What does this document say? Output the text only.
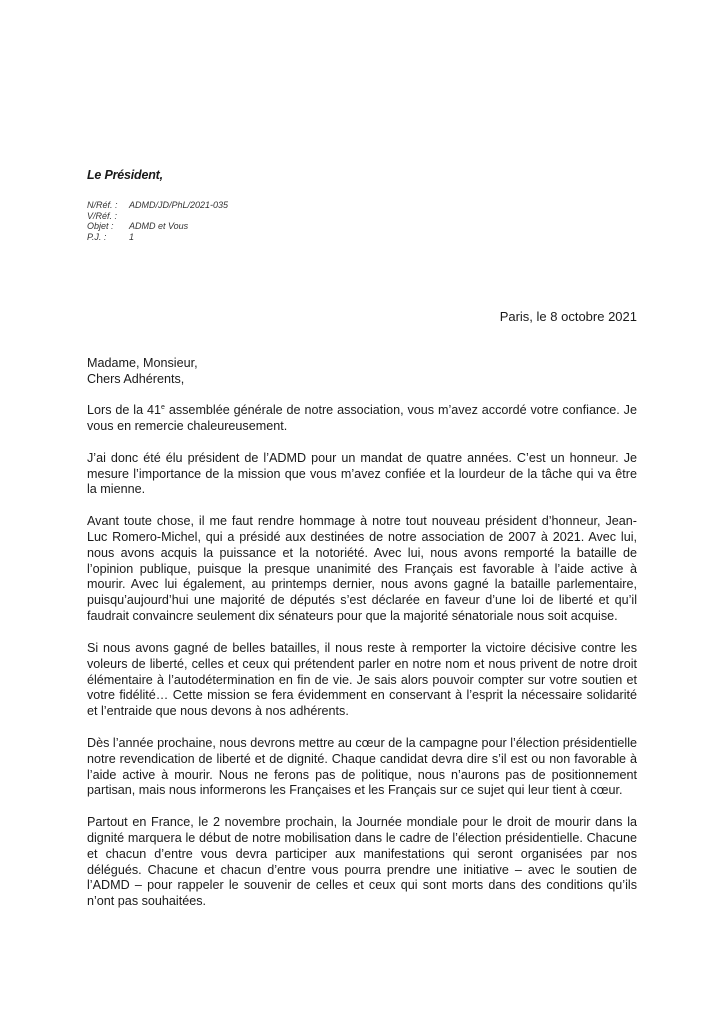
Le Président,
N/Réf. :	ADMD/JD/PhL/2021-035
V/Réf. :
Objet :	ADMD et Vous
P.J. :	1
Paris, le 8 octobre 2021

Madame, Monsieur,

Chers Adhérents,

Lors de la 41e assemblée générale de notre association, vous m’avez accordé votre confiance. Je vous en remercie chaleureusement.

J’ai donc été élu président de l’ADMD pour un mandat de quatre années. C’est un honneur. Je mesure l’importance de la mission que vous m’avez confiée et la lourdeur de la tâche qui va être la mienne.

Avant toute chose, il me faut rendre hommage à notre tout nouveau président d’honneur, Jean-Luc Romero-Michel, qui a présidé aux destinées de notre association de 2007 à 2021. Avec lui, nous avons acquis la puissance et la notoriété. Avec lui, nous avons remporté la bataille de l’opinion publique, puisque la presque unanimité des Français est favorable à l’aide active à mourir. Avec lui également, au printemps dernier, nous avons gagné la bataille parlementaire, puisqu’aujourd’hui une majorité de députés s’est déclarée en faveur d’une loi de liberté et qu’il faudrait convaincre seulement dix sénateurs pour que la majorité sénatoriale nous soit acquise.

Si nous avons gagné de belles batailles, il nous reste à remporter la victoire décisive contre les voleurs de liberté, celles et ceux qui prétendent parler en notre nom et nous privent de notre droit élémentaire à l’autodétermination en fin de vie. Je sais alors pouvoir compter sur votre soutien et votre fidélité… Cette mission se fera évidemment en conservant à l’esprit la nécessaire solidarité et l’entraide que nous devons à nos adhérents.

Dès l’année prochaine, nous devrons mettre au cœur de la campagne pour l’élection présidentielle notre revendication de liberté et de dignité. Chaque candidat devra dire s’il est ou non favorable à l’aide active à mourir. Nous ne ferons pas de politique, nous n’aurons pas de positionnement partisan, mais nous informerons les Françaises et les Français sur ce sujet qui leur tient à cœur.

Partout en France, le 2 novembre prochain, la Journée mondiale pour le droit de mourir dans la dignité marquera le début de notre mobilisation dans le cadre de l’élection présidentielle. Chacune et chacun d’entre vous devra participer aux manifestations qui seront organisées par nos délégués. Chacune et chacun d’entre vous pourra prendre une initiative – avec le soutien de l’ADMD – pour rappeler le souvenir de celles et ceux qui sont morts dans des conditions qu’ils n’ont pas souhaitées.
